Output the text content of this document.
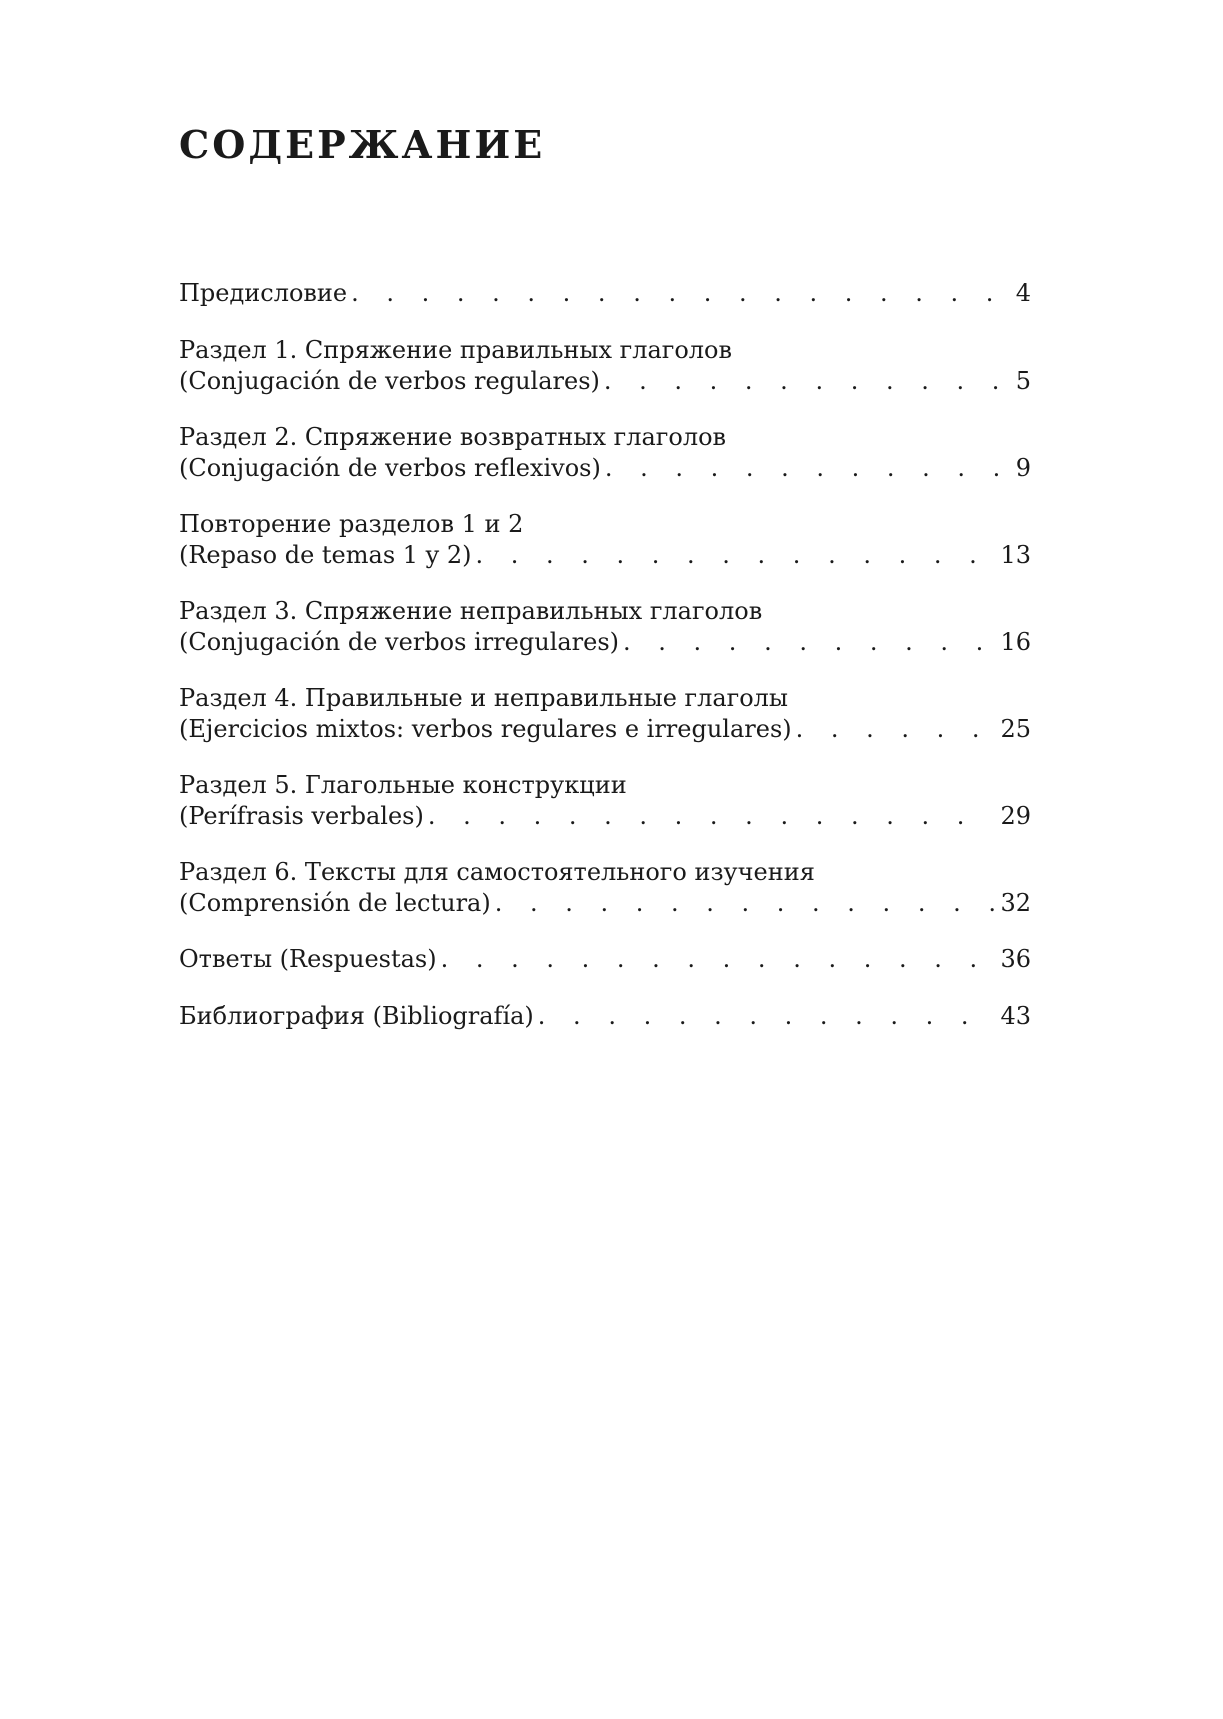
СОДЕРЖАНИЕ
Предисловие . . .	4
Раздел 1. Спряжение правильных глаголов
(Conjugación de verbos regulares) . . .	5
Раздел 2. Спряжение возвратных глаголов
(Conjugación de verbos reflexivos) . . .	9
Повторение разделов 1 и 2
(Repaso de temas 1 y 2) . . .	13
Раздел 3. Спряжение неправильных глаголов
(Conjugación de verbos irregulares) . . .	16
Раздел 4. Правильные и неправильные глаголы
(Ejercicios mixtos: verbos regulares e irregulares) . . .	25
Раздел 5. Глагольные конструкции
(Perífrasis verbales) . . .	29
Раздел 6. Тексты для самостоятельного изучения
(Comprensión de lectura) . . .	32
Ответы (Respuestas) . . .	36
Библиография (Bibliografía) . . .	43
